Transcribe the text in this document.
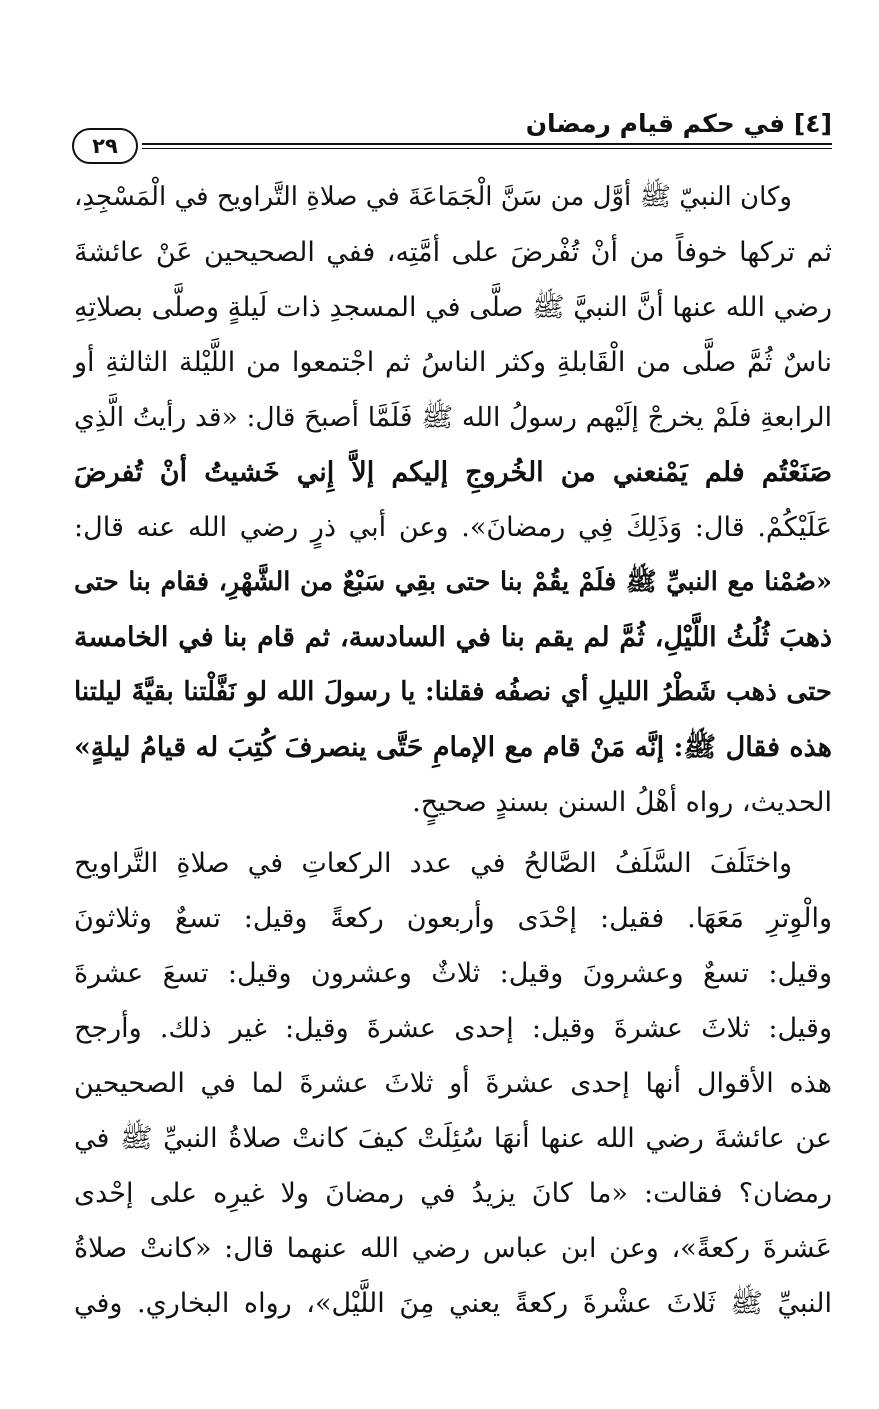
[٤] في حكم قيام رمضان
٢٩
وكان النبيّ ﷺ أوَّل من سَنَّ الْجَمَاعَةَ في صلاةِ التَّراويح في الْمَسْجِدِ،
ثم تركها خوفاً من أنْ تُفْرضَ على أمَّتِه، ففي الصحيحين عَنْ عائشةَ
رضي الله عنها أنَّ النبيَّ ﷺ صلَّى في المسجدِ ذات لَيلةٍ وصلَّى بصلاتِهِ
ناسٌ ثُمَّ صلَّى من الْقَابلةِ وكثر الناسُ ثم اجْتمعوا من اللَّيْلة الثالثةِ أو
الرابعةِ فلَمْ يخرجْ إلَيْهم رسولُ الله ﷺ فَلَمَّا أصبحَ قال: «قد رأيتُ الَّذِي
صَنَعْتُم فلم يَمْنعني من الخُروجِ إليكم إلاَّ إِني خَشيتُ أنْ تُفرضَ
عَلَيْكُمْ. قال: وَذَلِكَ فِي رمضانَ». وعن أبي ذرٍ رضي الله عنه قال:
«صُمْنا مع النبيِّ ﷺ فلَمْ يقُمْ بنا حتى بقِي سَبْعٌ من الشَّهْرِ، فقام بنا حتى
ذهبَ ثُلُثُ اللَّيْلِ، ثُمَّ لم يقم بنا في السادسة، ثم قام بنا في الخامسة
حتى ذهب شَطْرُ الليلِ أي نصفُه فقلنا: يا رسولَ الله لو نَفَّلْتنا بقيَّةَ ليلتنا
هذه فقال ﷺ: إنَّه مَنْ قام مع الإمامِ حَتَّى ينصرفَ كُتِبَ له قيامُ ليلةٍ»
الحديث، رواه أهْلُ السنن بسندٍ صحيحٍ.
واختَلَفَ السَّلَفُ الصَّالحُ في عدد الركعاتِ في صلاةِ التَّراويح
والْوِترِ مَعَهَا. فقيل: إحْدَى وأربعون ركعةً وقيل: تسعٌ وثلاثونَ
وقيل: تسعٌ وعشرونَ وقيل: ثلاثٌ وعشرون وقيل: تسعَ عشرةَ
وقيل: ثلاثَ عشرةَ وقيل: إحدى عشرةَ وقيل: غير ذلك. وأرجح
هذه الأقوال أنها إحدى عشرةَ أو ثلاثَ عشرةَ لما في الصحيحين
عن عائشةَ رضي الله عنها أنهَا سُئِلَتْ كيفَ كانتْ صلاةُ النبيِّ ﷺ في
رمضان؟ فقالت: «ما كانَ يزيدُ في رمضانَ ولا غيرِه على إحْدى
عَشرةَ ركعةً»، وعن ابن عباس رضي الله عنهما قال: «كانتْ صلاةُ
النبيِّ ﷺ ثَلاثَ عشْرةَ ركعةً يعني مِنَ اللَّيْل»، رواه البخاري. وفي
